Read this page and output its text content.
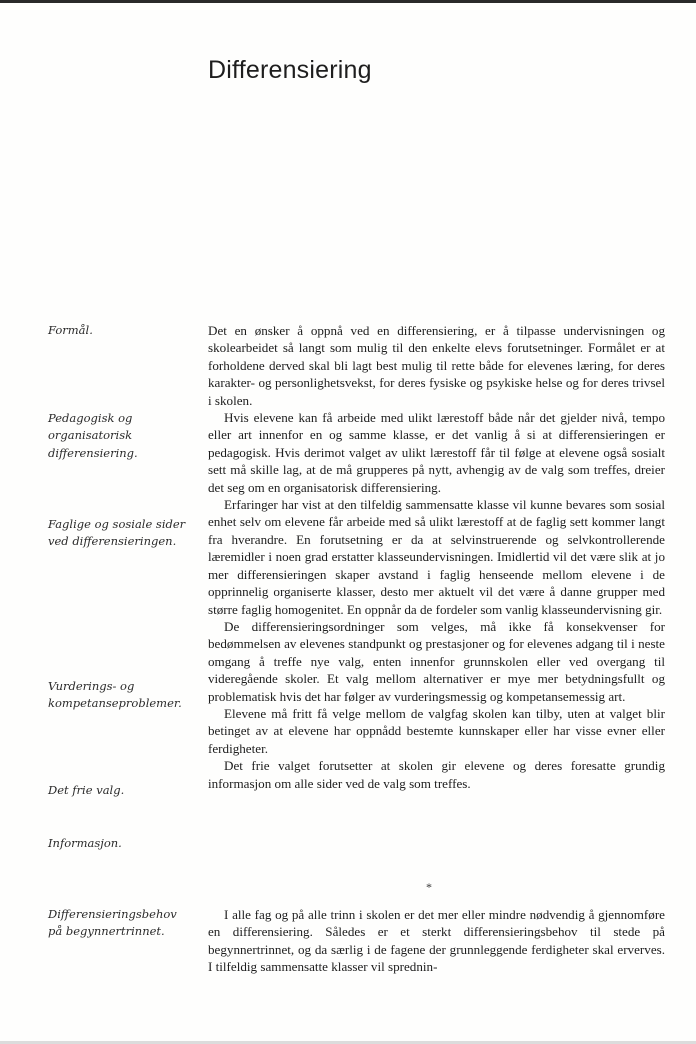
Differensiering
Formål.
Pedagogisk og
organisatorisk
differensiering.
Faglige og sosiale sider
ved differensieringen.
Vurderings- og
kompetanseproblemer.
Det frie valg.
Informasjon.
Differensieringsbehov
på begynnertrinnet.

Det en ønsker å oppnå ved en differensiering, er å tilpasse undervisningen og skolearbeidet så langt som mulig til den enkelte elevs forutsetninger. Formålet er at forholdene derved skal bli lagt best mulig til rette både for elevenes læring, for deres karakter- og personlighetsvekst, for deres fysiske og psykiske helse og for deres trivsel i skolen.

Hvis elevene kan få arbeide med ulikt lærestoff både når det gjelder nivå, tempo eller art innenfor en og samme klasse, er det vanlig å si at differensieringen er pedagogisk. Hvis derimot valget av ulikt lærestoff får til følge at elevene også sosialt sett må skille lag, at de må grupperes på nytt, avhengig av de valg som treffes, dreier det seg om en organisatorisk differensiering.

Erfaringer har vist at den tilfeldig sammensatte klasse vil kunne bevares som sosial enhet selv om elevene får arbeide med så ulikt lærestoff at de faglig sett kommer langt fra hverandre. En forutsetning er da at selvinstruerende og selvkontrollerende læremidler i noen grad erstatter klasseundervisningen. Imidlertid vil det være slik at jo mer differensieringen skaper avstand i faglig henseende mellom elevene i de opprinnelig organiserte klasser, desto mer aktuelt vil det være å danne grupper med større faglig homogenitet. En oppnår da de fordeler som vanlig klasseundervisning gir.

De differensieringsordninger som velges, må ikke få konsekvenser for bedømmelsen av elevenes standpunkt og prestasjoner og for elevenes adgang til i neste omgang å treffe nye valg, enten innenfor grunnskolen eller ved overgang til videregående skoler. Et valg mellom alternativer er mye mer betydningsfullt og problematisk hvis det har følger av vurderingsmessig og kompetansemessig art.

Elevene må fritt få velge mellom de valgfag skolen kan tilby, uten at valget blir betinget av at elevene har oppnådd bestemte kunnskaper eller har visse evner eller ferdigheter.

Det frie valget forutsetter at skolen gir elevene og deres foresatte grundig informasjon om alle sider ved de valg som treffes.

*

I alle fag og på alle trinn i skolen er det mer eller mindre nødvendig å gjennomføre en differensiering. Således er et sterkt differensieringsbehov til stede på begynnertrinnet, og da særlig i de fagene der grunnleggende ferdigheter skal erverves. I tilfeldig sammensatte klasser vil sprednin-
